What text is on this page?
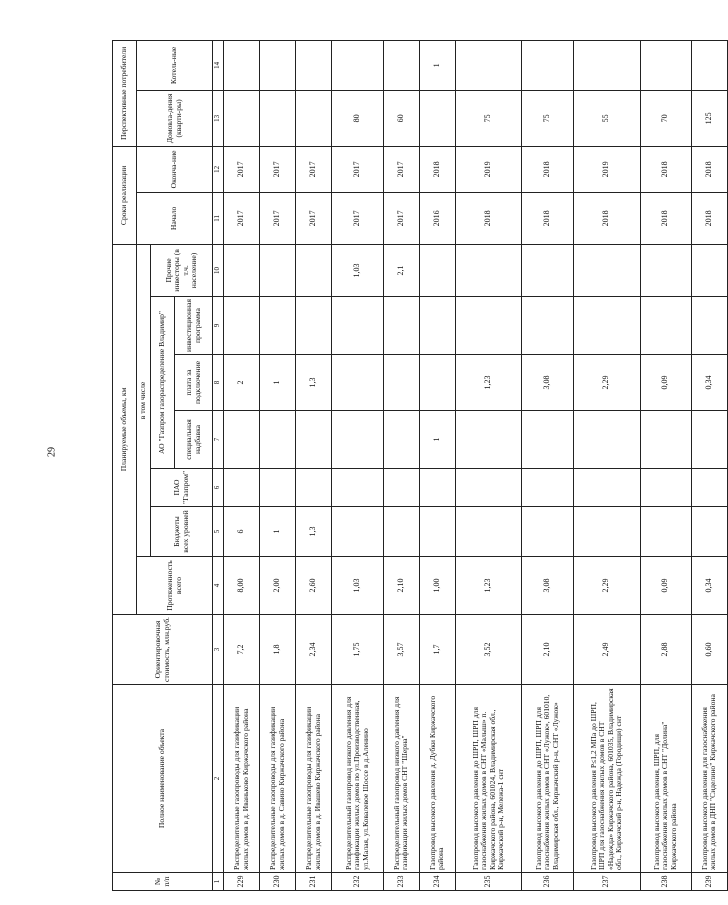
29
№
п/п	Полное наименование объекта	Ориентировочная стоимость, млн.руб.	Планируемые объемы, км							Сроки реализации		Перспективные потребители	
			Протяженность всего	в том числе						Начало	Оконча-ние	Домовла-дения (кварти-ры)	Котель-ные
				Бюджеты всех уровней	ПАО "Газпром"	АО "Газпром газораспределение Владимир"			Прочие инвесторы (в т.ч. население)				
						специальная надбавка	плата за подключение	инвестиционная программа					
1	2	3	4	5	6	7	8	9	10	11	12	13	14
229	Распределительные газопроводы для газификации жилых домов в д. Иваньково Киржачского района	7,2	8,00	6			2			2017	2017		
230	Распределительные газопроводы для газификации жилых домов в д. Савино Киржачского района	1,8	2,00	1			1			2017	2017		
231	Распределительные газопроводы для газификации жилых домов в д. Ивашево Киржачского района	2,34	2,60	1,3			1,3			2017	2017		
232	Распределительный газопровод низкого давления для газификации жилых домов по ул.Производственная, ул.Малая, ул.Ковалевое Шоссе в д.Аленино	1,75	1,03						1,03	2017	2017	80	
233	Распределительный газопровод низкого давления для газификации жилых домов СНТ "Шерна"	3,57	2,10						2,1	2017	2017	60	
234	Газопровод высокого давления д. Дубки Киржачского района	1,7	1,00			1				2016	2018		1
235	Газопровод высокого давления до ШРП, ШРП для газоснабжения жилых домов в СНТ «Малыш» п. Киржачского района, 601024, Владимирская обл., Киржачский р-н, Мележа-1 снт	3,52	1,23				1,23			2018	2019	75	
236	Газопровод высокого давления до ШРП, ШРП для газоснабжения жилых домов в СНТ «Лужок», 601010, Владимирская обл., Киржачский р-н, СНТ «Лужок»	2,10	3,08				3,08			2018	2018	75	
237	Газопровод высокого давления P≤1,2 МПа до ШРП, ШРП для газоснабжения жилых домов в СНТ «Надежда» Киржачского района, 601035, Владимирская обл., Киржачский р-н, Надежда (Городищи) снт	2,49	2,29				2,29			2018	2019	55	
238	Газопровод высокого давления, ШРП, для газоснабжения жилых домов в СНТ "Долина" Киржачского района	2,88	0,09				0,09			2018	2018	70	
239	Газопровод высокого давления для газоснабжения жилых домов в ДНП "Сиделино" Киржачского района	0,60	0,34				0,34			2018	2018	125	
